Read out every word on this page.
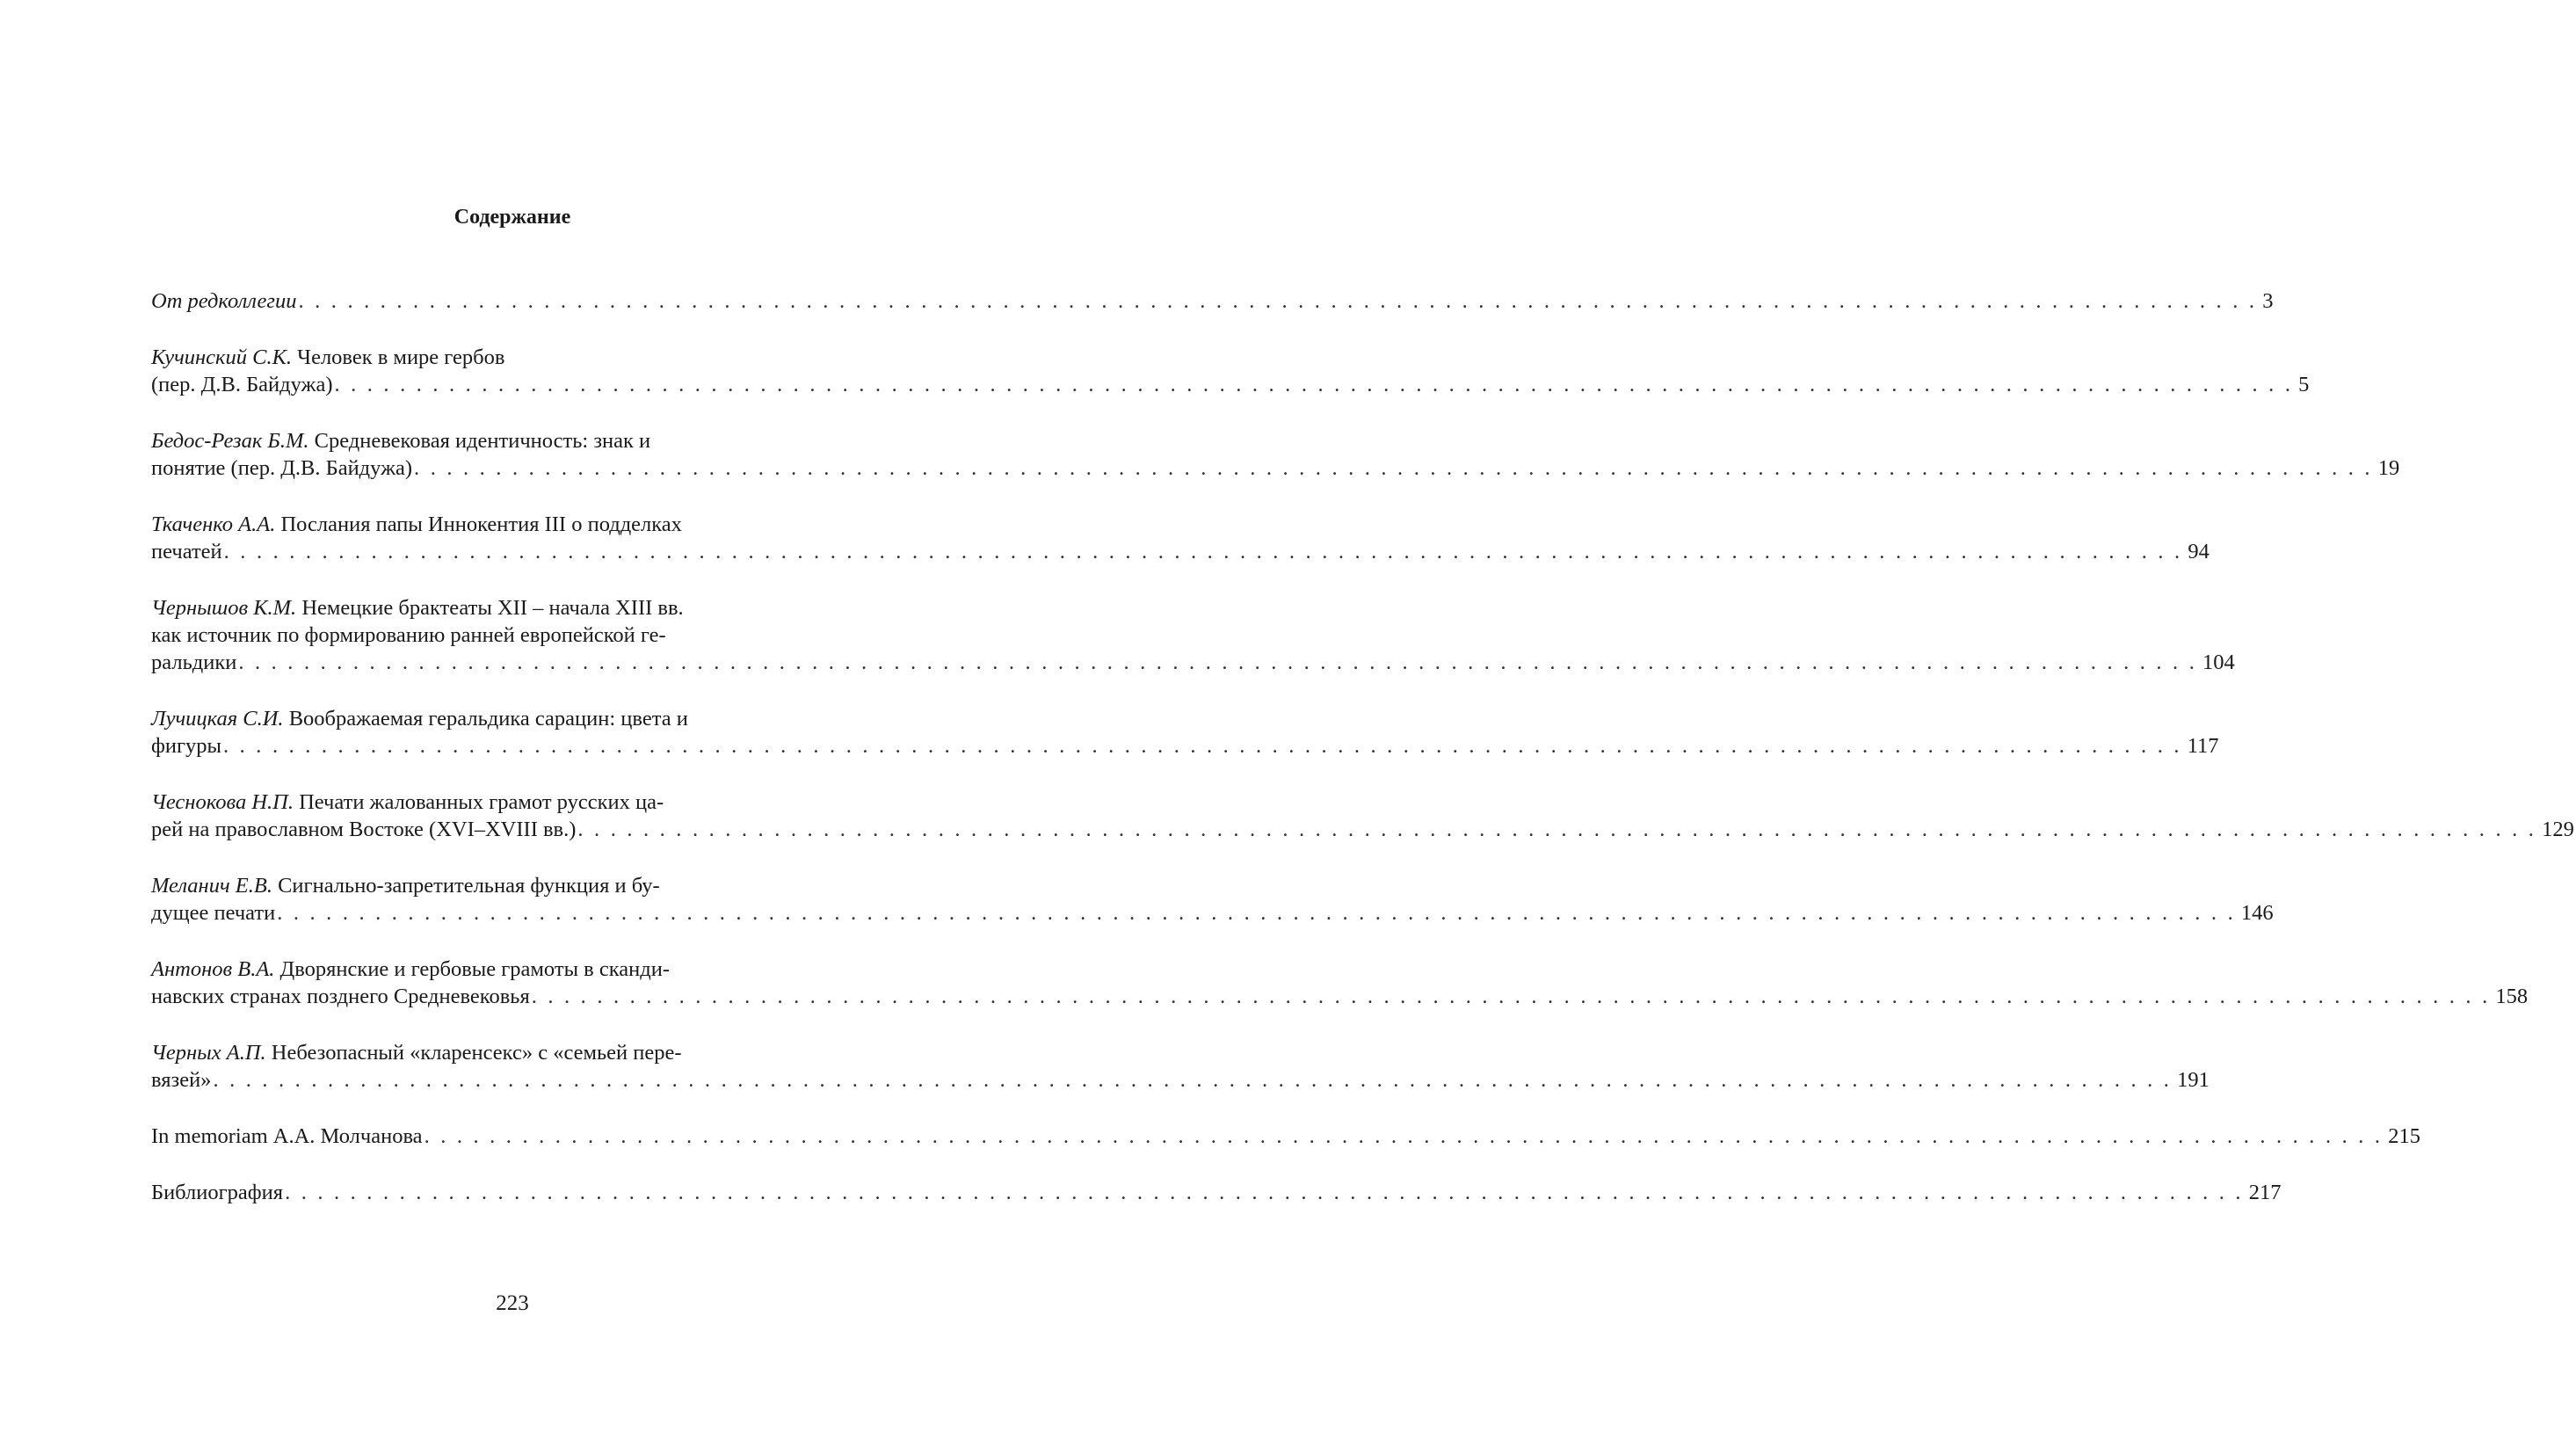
Содержание
От редколлегии . . . . . . . . . . . . . . . . . . . . . . . . . . . . . . . . . . . . . . . . . . . . . . . . . . . . . . . . . . . . . . . . . . . . . . . . . . . . . . . . . . . . . . . . . . . . . . . . . . . . . . . . . . . . . . . . . . . . . . . . 3
Кучинский С.К. Человек в мире гербов
(пер. Д.В. Байдужа) . . . . . . . . . . . . . . . . . . . . . . . . . . . . . . . . . . . . . . . . . . . . . . . . . . . . . . . . . . . . . . . . . . . . . . . . . . . . . . . . . . . . . . . . . . . . . . . . . . . . . . . . . . . . . . . . . . . . . . . . 5
Бедос-Резак Б.М. Средневековая идентичность: знак и
понятие (пер. Д.В. Байдужа) . . . . . . . . . . . . . . . . . . . . . . . . . . . . . . . . . . . . . . . . . . . . . . . . . . . . . . . . . . . . . . . . . . . . . . . . . . . . . . . . . . . . . . . . . . . . . . . . . . . . . . . . . . . . . . . . . . . . . . . . 19
Ткаченко А.А. Послания папы Иннокентия III о подделках
печатей . . . . . . . . . . . . . . . . . . . . . . . . . . . . . . . . . . . . . . . . . . . . . . . . . . . . . . . . . . . . . . . . . . . . . . . . . . . . . . . . . . . . . . . . . . . . . . . . . . . . . . . . . . . . . . . . . . . . . . . . 94
Чернышов К.М. Немецкие брактеаты XII – начала XIII вв.
как источник по формированию ранней европейской ге-
ральдики . . . . . . . . . . . . . . . . . . . . . . . . . . . . . . . . . . . . . . . . . . . . . . . . . . . . . . . . . . . . . . . . . . . . . . . . . . . . . . . . . . . . . . . . . . . . . . . . . . . . . . . . . . . . . . . . . . . . . . . . 104
Лучицкая С.И. Воображаемая геральдика сарацин: цвета и
фигуры . . . . . . . . . . . . . . . . . . . . . . . . . . . . . . . . . . . . . . . . . . . . . . . . . . . . . . . . . . . . . . . . . . . . . . . . . . . . . . . . . . . . . . . . . . . . . . . . . . . . . . . . . . . . . . . . . . . . . . . . 117
Чеснокова Н.П. Печати жалованных грамот русских ца-
рей на православном Востоке (XVI–XVIII вв.) . . . . . . . . . . . . . . . . . . . . . . . . . . . . . . . . . . . . . . . . . . . . . . . . . . . . . . . . . . . . . . . . . . . . . . . . . . . . . . . . . . . . . . . . . . . . . . . . . . . . . . . . . . . . . . . . . . . . . . . . 129
Меланич Е.В. Сигнально-запретительная функция и бу-
дущее печати . . . . . . . . . . . . . . . . . . . . . . . . . . . . . . . . . . . . . . . . . . . . . . . . . . . . . . . . . . . . . . . . . . . . . . . . . . . . . . . . . . . . . . . . . . . . . . . . . . . . . . . . . . . . . . . . . . . . . . . . 146
Антонов В.А. Дворянские и гербовые грамоты в сканди-
навских странах позднего Средневековья . . . . . . . . . . . . . . . . . . . . . . . . . . . . . . . . . . . . . . . . . . . . . . . . . . . . . . . . . . . . . . . . . . . . . . . . . . . . . . . . . . . . . . . . . . . . . . . . . . . . . . . . . . . . . . . . . . . . . . . . 158
Черных А.П. Небезопасный «кларенсекс» с «семьей пере-
вязей» . . . . . . . . . . . . . . . . . . . . . . . . . . . . . . . . . . . . . . . . . . . . . . . . . . . . . . . . . . . . . . . . . . . . . . . . . . . . . . . . . . . . . . . . . . . . . . . . . . . . . . . . . . . . . . . . . . . . . . . . 191
In memoriam А.А. Молчанова . . . . . . . . . . . . . . . . . . . . . . . . . . . . . . . . . . . . . . . . . . . . . . . . . . . . . . . . . . . . . . . . . . . . . . . . . . . . . . . . . . . . . . . . . . . . . . . . . . . . . . . . . . . . . . . . . . . . . . . . 215
Библиография . . . . . . . . . . . . . . . . . . . . . . . . . . . . . . . . . . . . . . . . . . . . . . . . . . . . . . . . . . . . . . . . . . . . . . . . . . . . . . . . . . . . . . . . . . . . . . . . . . . . . . . . . . . . . . . . . . . . . . . . 217
223
